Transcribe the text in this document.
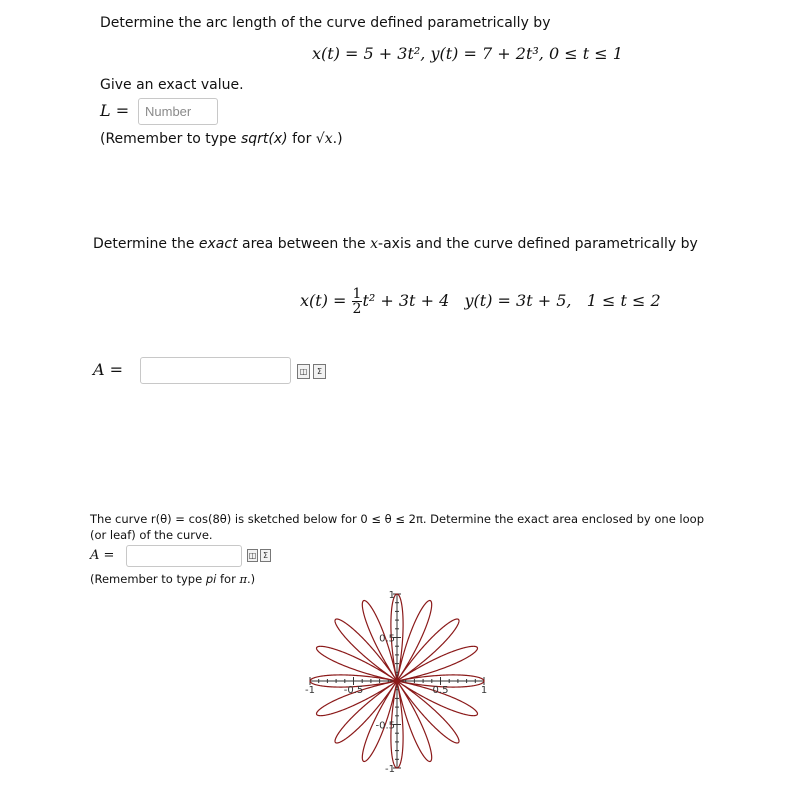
Determine the arc length of the curve defined parametrically by
x(t) = 5 + 3t², y(t) = 7 + 2t³, 0 ≤ t ≤ 1
Give an exact value.
L =
Number
(Remember to type sqrt(x) for √x.)
Determine the exact area between the x-axis and the curve defined parametrically by
$x(t) = \frac{1}{2} t^2 + 3t + 4$ y(t) = 3t + 5, 1 ≤ t ≤ 2
A =	◫	Σ
The curve r(θ) = cos(8θ) is sketched below for 0 ≤ θ ≤ 2π. Determine the exact area enclosed by one loop
(or leaf) of the curve.
A =	◫ Σ
(Remember to type pi for π.)
-1	-0.5	0.5	1
1
0.5
-0.5
-1
